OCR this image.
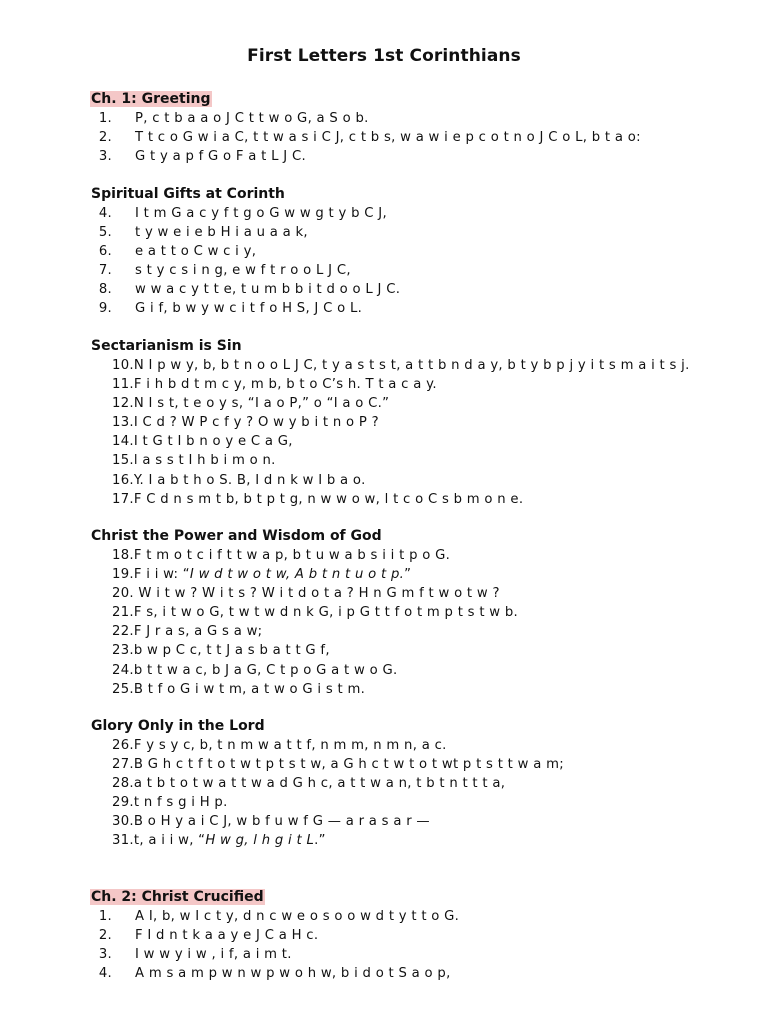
First Letters 1st Corinthians
Ch. 1: Greeting
1. P, c t b a a o J C t t w o G, a S o b.
2. T t c o G w i a C, t t w a s i C J, c t b s, w a w i e p c o t n o J C o L, b t a o:
3. G t y a p f G o F a t L J C.
Spiritual Gifts at Corinth
4. I t m G a c y f t g o G w w g t y b C J,
5. t y w e i e b H i a u a a k,
6. e a t t o C w c i y,
7. s t y c s i n g, e w f t r o o L J C,
8. w w a c y t t e, t u m b b i t d o o L J C.
9. G i f, b w y w c i t f o H S, J C o L.
Sectarianism is Sin
10.N I p w y, b, b t n o o L J C, t y a s t s t, a t t b n d a y, b t y b p j y i t s m a i t s j.
11.F i h b d t m c y, m b, b t o C’s h. T t a c a y.
12.N I s t, t e o y s, “I a o P,” o “I a o C.”
13.I C d ? W P c f y ? O w y b i t n o P ?
14.I t G t I b n o y e C a G,
15.l a s s t I h b i m o n.
16.Y. I a b t h o S. B, I d n k w I b a o.
17.F C d n s m t b, b t p t g, n w w o w, l t c o C s b m o n e.
Christ the Power and Wisdom of God
18.F t m o t c i f t t w a p, b t u w a b s i i t p o G.
19.F i i w: “I w d t w o t w, A b t n t u o t p.”
20. W i t w ? W i t s ? W i t d o t a ? H n G m f t w o t w ?
21.F s, i t w o G, t w t w d n k G, i p G t t f o t m p t s t w b.
22.F J r a s, a G s a w;
23.b w p C c, t t J a s b a t t G f,
24.b t t w a c, b J a G, C t p o G a t w o G.
25.B t f o G i w t m, a t w o G i s t m.
Glory Only in the Lord
26.F y s y c, b, t n m w a t t f, n m m, n m n, a c.
27.B G h c t f t o t w t p t s t w, a G h c t w t o t wt p t s t t w a m;
28.a t b t o t w a t t w a d G h c, a t t w a n, t b t n t t t a,
29.t n f s g i H p.
30.B o H y a i C J, w b f u w f G — a r a s a r —
31.t, a i i w, “H w g, l h g i t L.”
Ch. 2: Christ Crucified
1. A I, b, w I c t y, d n c w e o s o o w d t y t t o G.
2. F I d n t k a a y e J C a H c.
3. I w w y i w , i f, a i m t.
4. A m s a m p w n w p w o h w, b i d o t S a o p,
